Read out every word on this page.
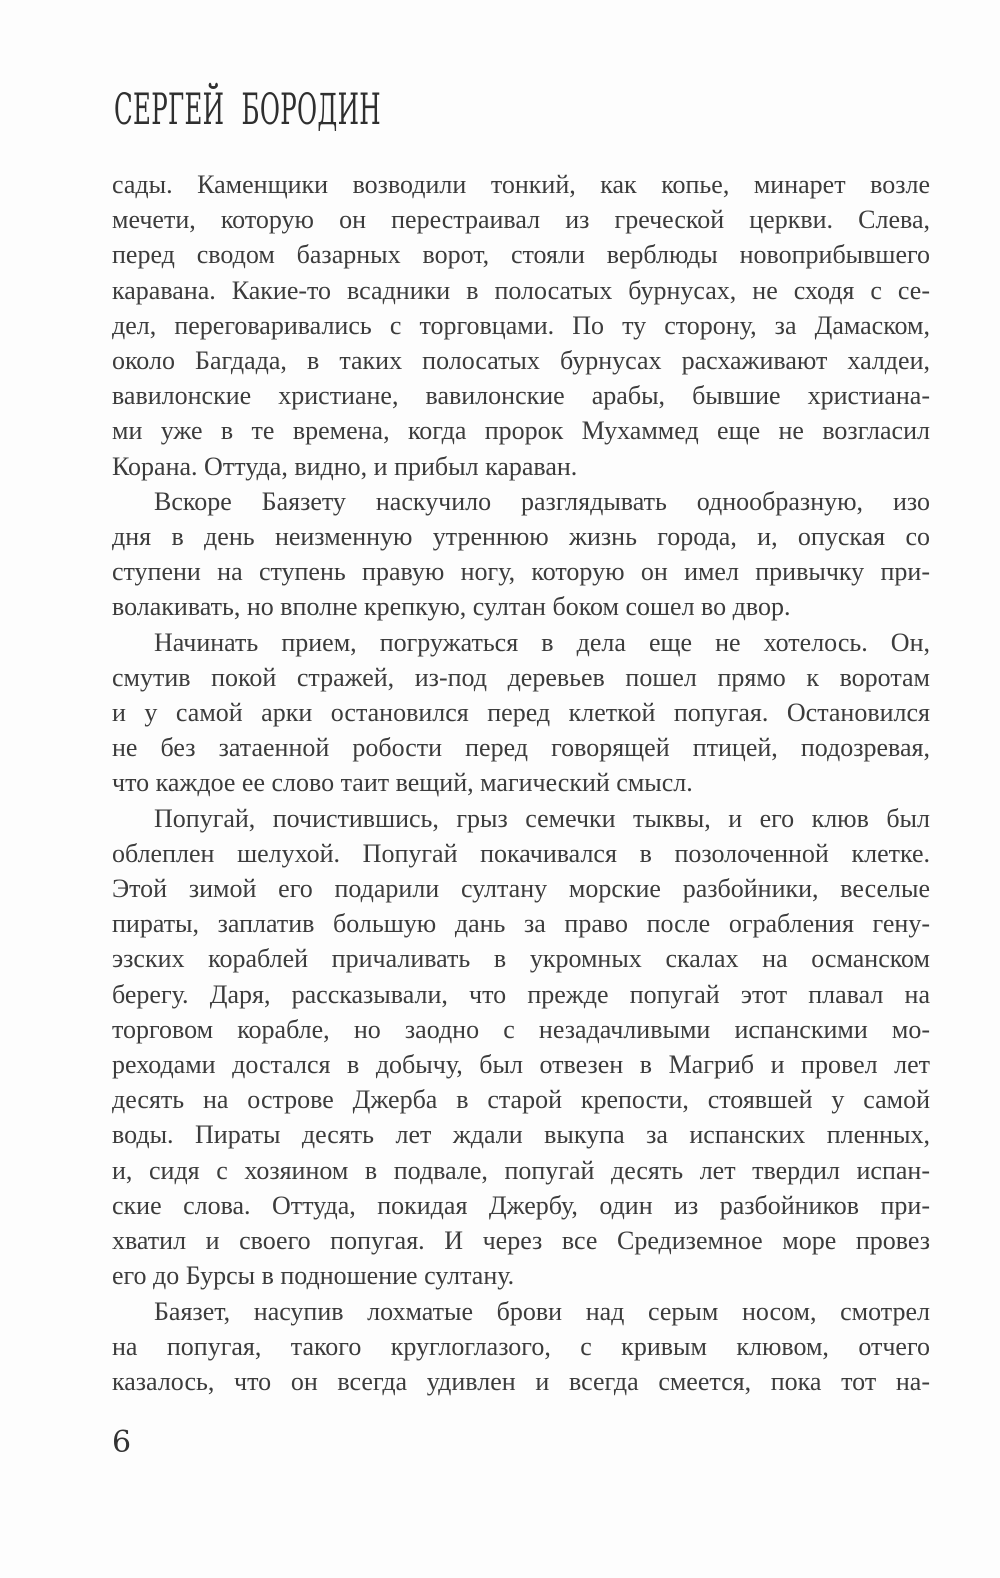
СЕРГЕЙ БОРОДИН
сады. Каменщики возводили тонкий, как копье, минарет возле
мечети, которую он перестраивал из греческой церкви. Слева,
перед сводом базарных ворот, стояли верблюды новоприбывшего
каравана. Какие-то всадники в полосатых бурнусах, не сходя с се-
дел, переговаривались с торговцами. По ту сторону, за Дамаском,
около Багдада, в таких полосатых бурнусах расхаживают халдеи,
вавилонские христиане, вавилонские арабы, бывшие христиана-
ми уже в те времена, когда пророк Мухаммед еще не возгласил
Корана. Оттуда, видно, и прибыл караван.
Вскоре Баязету наскучило разглядывать однообразную, изо
дня в день неизменную утреннюю жизнь города, и, опуская со
ступени на ступень правую ногу, которую он имел привычку при-
волакивать, но вполне крепкую, султан боком сошел во двор.
Начинать прием, погружаться в дела еще не хотелось. Он,
смутив покой стражей, из-под деревьев пошел прямо к воротам
и у самой арки остановился перед клеткой попугая. Остановился
не без затаенной робости перед говорящей птицей, подозревая,
что каждое ее слово таит вещий, магический смысл.
Попугай, почистившись, грыз семечки тыквы, и его клюв был
облеплен шелухой. Попугай покачивался в позолоченной клетке.
Этой зимой его подарили султану морские разбойники, веселые
пираты, заплатив большую дань за право после ограбления гену-
эзских кораблей причаливать в укромных скалах на османском
берегу. Даря, рассказывали, что прежде попугай этот плавал на
торговом корабле, но заодно с незадачливыми испанскими мо-
реходами достался в добычу, был отвезен в Магриб и провел лет
десять на острове Джерба в старой крепости, стоявшей у самой
воды. Пираты десять лет ждали выкупа за испанских пленных,
и, сидя с хозяином в подвале, попугай десять лет твердил испан-
ские слова. Оттуда, покидая Джербу, один из разбойников при-
хватил и своего попугая. И через все Средиземное море провез
его до Бурсы в подношение султану.
Баязет, насупив лохматые брови над серым носом, смотрел
на попугая, такого круглоглазого, с кривым клювом, отчего
казалось, что он всегда удивлен и всегда смеется, пока тот на-
6
